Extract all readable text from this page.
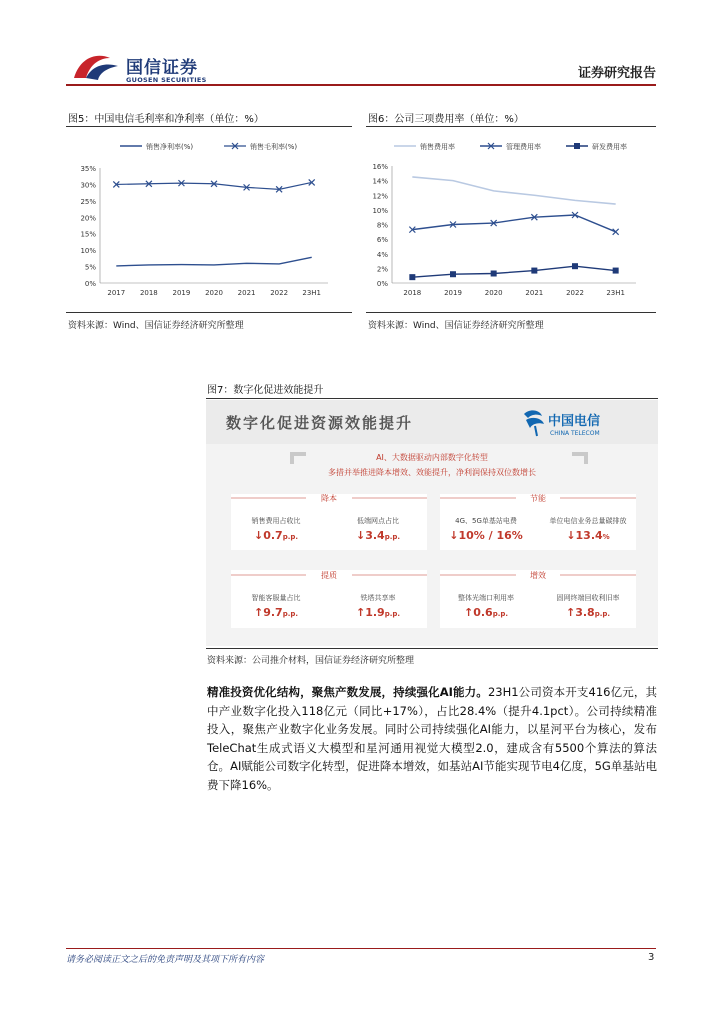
国信证券
GUOSEN SECURITIES	证券研究报告
图5：中国电信毛利率和净利率（单位：%）
0%
5%
10%
15%
20%
25%
30%
35%
2017 2018 2019 2020 2021 2022 23H1
销售净利率(%)	销售毛利率(%)
资料来源：Wind、国信证券经济研究所整理
图6：公司三项费用率（单位：%）
0%
2%
4%
6%
8%
10%
12%
14%
16%
2018	2019	2020	2021	2022	23H1
销售费用率	管理费用率	研发费用率
资料来源：Wind、国信证券经济研究所整理
图7：数字化促进效能提升
数字化促进资源效能提升	中国电信
CHINA TELECOM
AI、大数据驱动内部数字化转型
多措并举推进降本增效、效能提升，净利润保持双位数增长
降本
销售费用占收比
↓0.7p.p.
低端网点占比
↓3.4p.p.
节能
4G、5G单基站电费
↓10% / 16%
单位电信业务总量碳排放
↓13.4%
提质
智能客服量占比
↑9.7p.p.
铁塔共享率
↑1.9p.p.
增效
整体光端口利用率
↑0.6p.p.
固网终端回收利旧率
↑3.8p.p.
资料来源：公司推介材料，国信证券经济研究所整理
精准投资优化结构，聚焦产数发展，持续强化AI能力。23H1公司资本开支416亿元，其中产业数字化投入118亿元（同比+17%），占比28.4%（提升4.1pct）。公司持续精准投入，聚焦产业数字化业务发展。同时公司持续强化AI能力，以星河平台为核心，发布TeleChat生成式语义大模型和星河通用视觉大模型2.0，建成含有5500个算法的算法仓。AI赋能公司数字化转型，促进降本增效，如基站AI节能实现节电4亿度，5G单基站电费下降16%。
请务必阅读正文之后的免责声明及其项下所有内容	3
